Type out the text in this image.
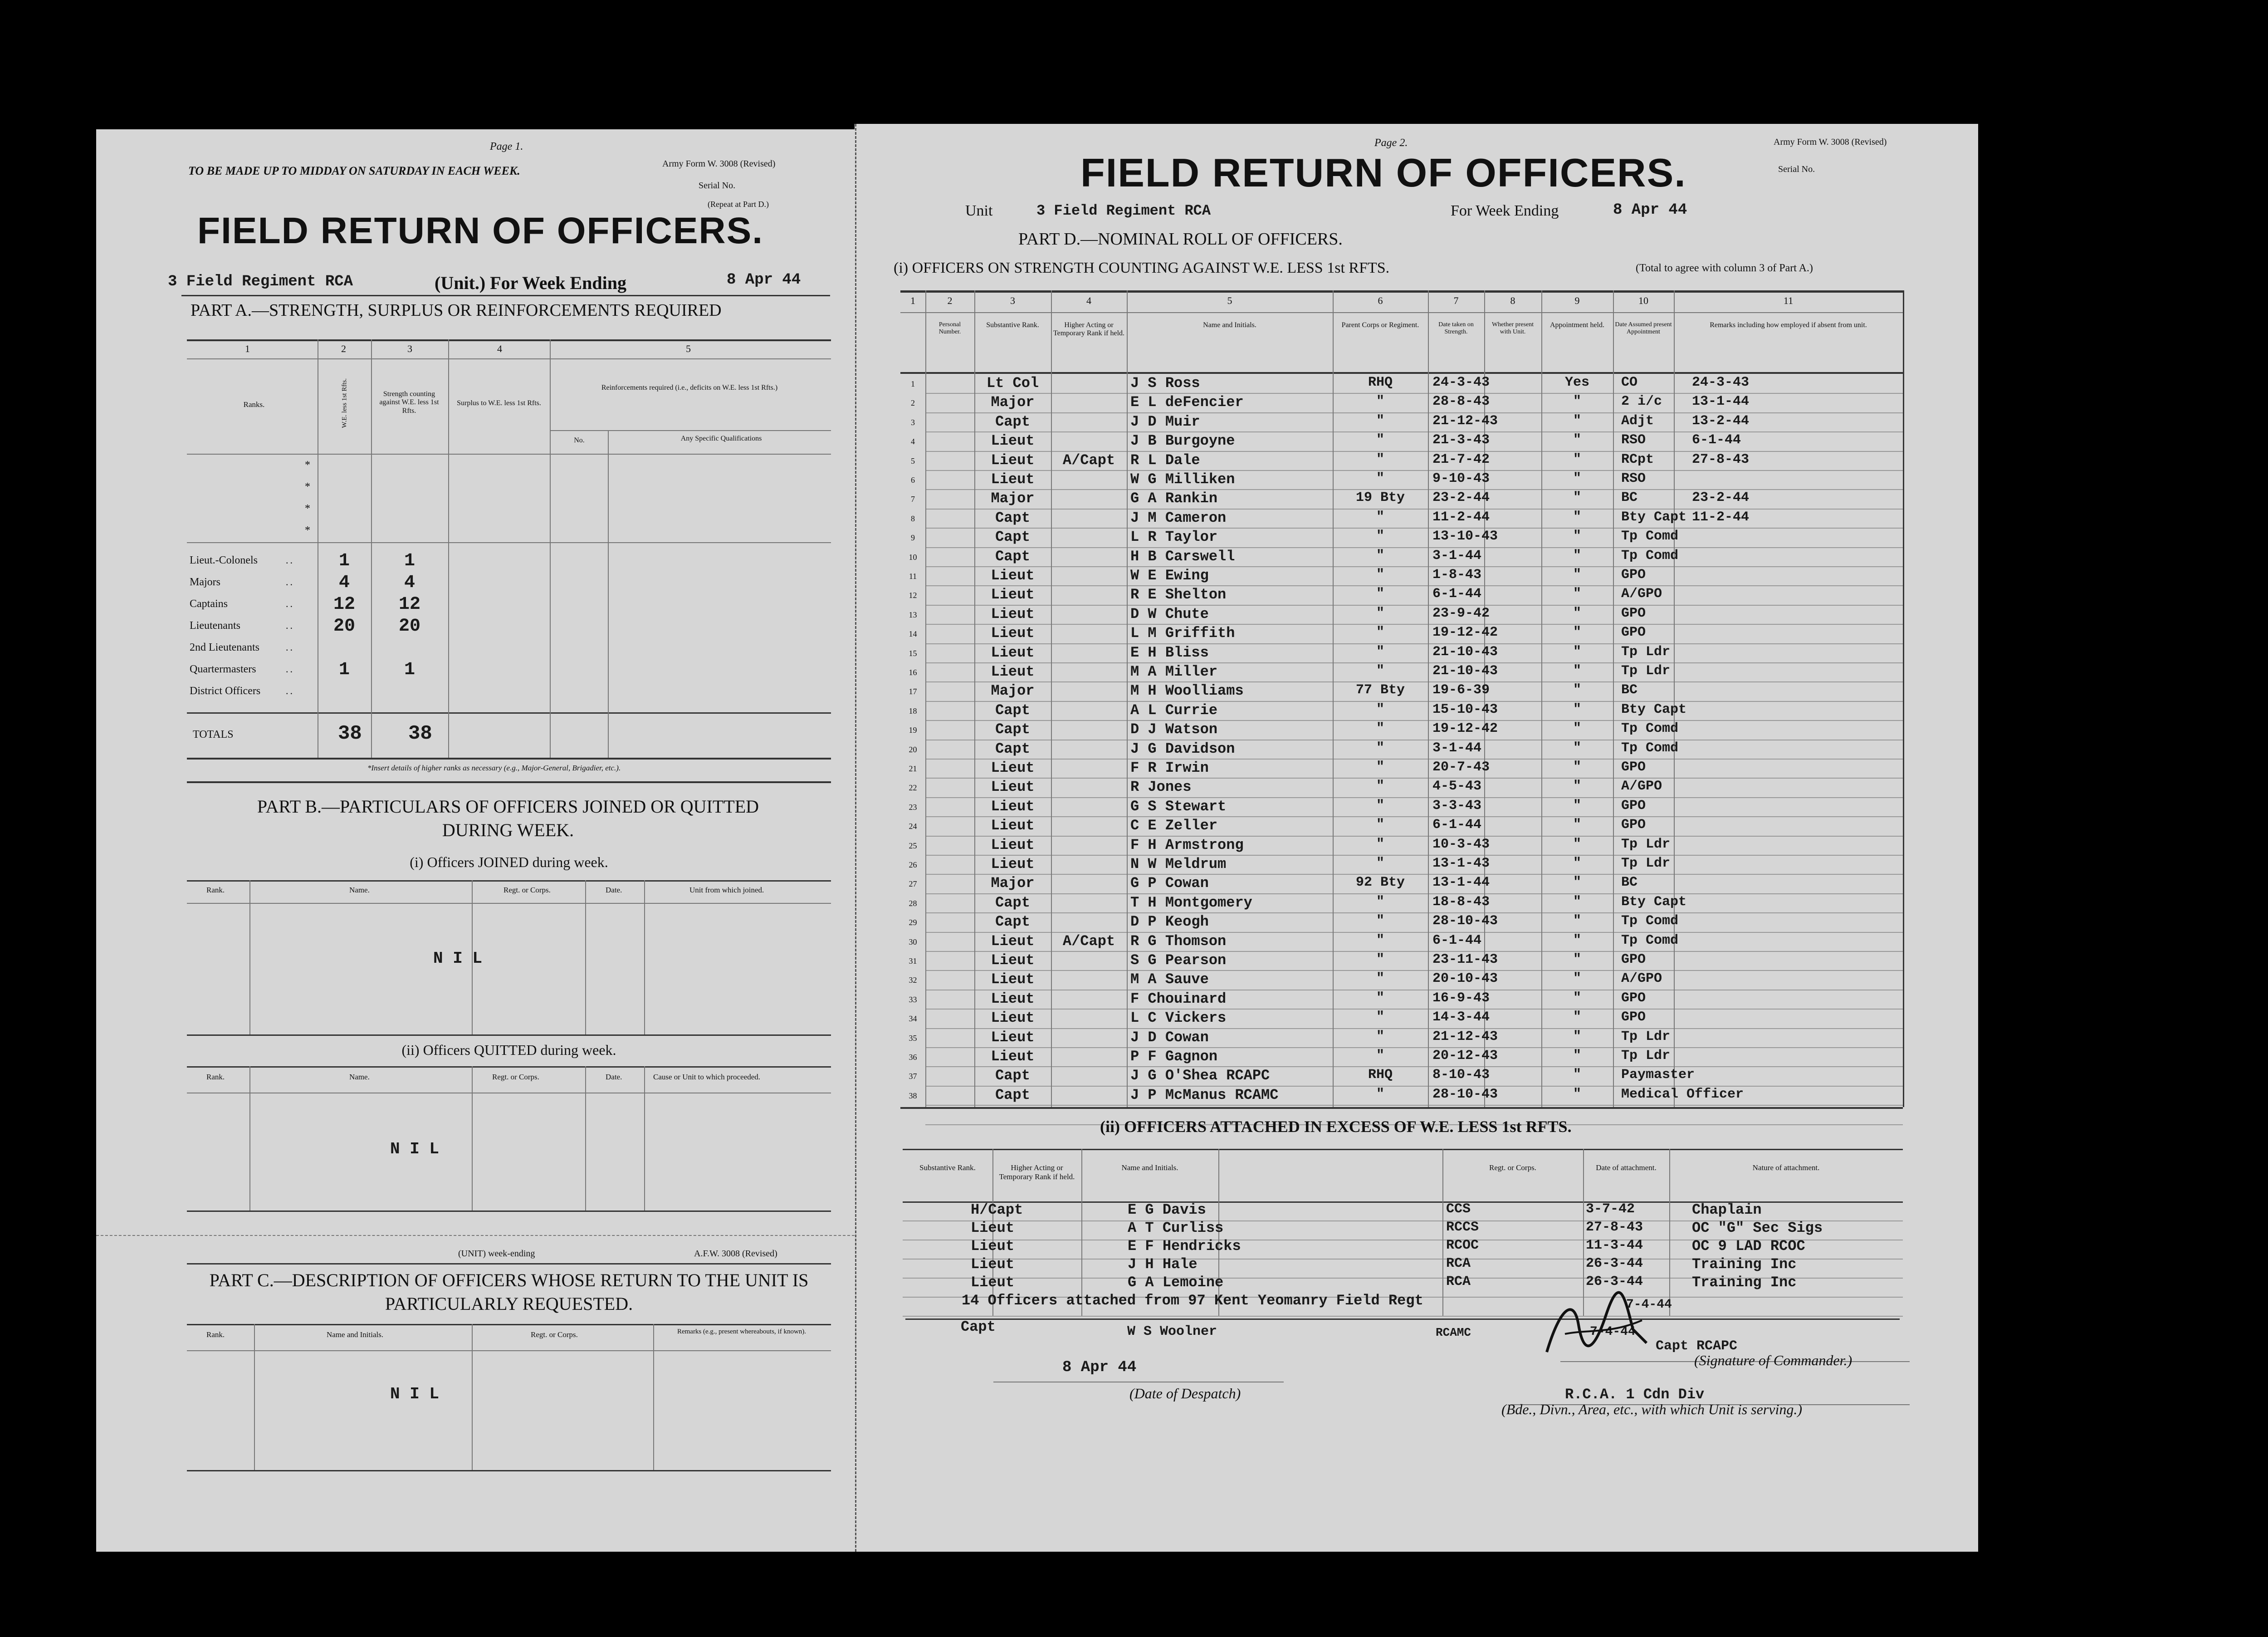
Page 1.
TO BE MADE UP TO MIDDAY ON SATURDAY IN EACH WEEK.
Army Form W. 3008 (Revised)
Serial No.
(Repeat at Part D.)
FIELD RETURN OF OFFICERS.
3 Field Regiment RCA	(Unit.) For Week Ending	8 Apr 44
PART A.—STRENGTH, SURPLUS OR REINFORCEMENTS REQUIRED
1	2	3	4	5
Ranks.	W.E. less 1st Rfts.	Strength counting against W.E. less 1st Rfts.
Surplus to W.E. less 1st Rfts.
Reinforcements required (i.e., deficits on W.E. less 1st Rfts.)
No.	Any Specific Qualifications
*
*
*
*
Lieut.-Colonels	..	1	1
Majors	..	4	4
Captains	..	12	12
Lieutenants	..	20	20
2nd Lieutenants	..
Quartermasters	..	1	1
District Officers	..
TOTALS	38 38
*Insert details of higher ranks as necessary (e.g., Major-General, Brigadier, etc.).
PART B.—PARTICULARS OF OFFICERS JOINED OR QUITTED DURING WEEK.
(i) Officers JOINED during week.
Rank.	Name.	Regt. or Corps.	Date.	Unit from which joined.
N I L
(ii) Officers QUITTED during week.
Rank.	Name.	Regt. or Corps.	Date.	Cause or Unit to which proceeded.
N I L
(UNIT) week-ending	A.F.W. 3008 (Revised)
PART C.—DESCRIPTION OF OFFICERS WHOSE RETURN TO THE UNIT IS PARTICULARLY REQUESTED.
Rank.	Name and Initials.	Regt. or Corps.	Remarks (e.g., present whereabouts, if known).
N I L
Page 2.	Army Form W. 3008 (Revised)
FIELD RETURN OF OFFICERS.	Serial No.
Unit	3 Field Regiment RCA	For Week Ending	8 Apr 44
PART D.—NOMINAL ROLL OF OFFICERS.
(i) OFFICERS ON STRENGTH COUNTING AGAINST W.E. LESS 1st RFTS.	(Total to agree with column 3 of Part A.)
1	2	3	4	5	6	7	8	9	10	11
Personal Number.
Substantive Rank.	Higher Acting or Temporary Rank if held.
Name and Initials.	Parent Corps or Regiment.	Date taken on Strength.
Whether present with Unit.
Appointment held.	Date Assumed present Appointment
Remarks including how employed if absent from unit.
1	Lt Col	J S Ross	RHQ	24-3-43	Yes	CO	24-3-43
2	Major	E L deFencier	"	28-8-43	"	2 i/c	13-1-44
3	Capt	J D Muir	"	21-12-43	"	Adjt	13-2-44
4	Lieut	J B Burgoyne	"	21-3-43	"	RSO	6-1-44
5	Lieut	A/Capt	R L Dale	"	21-7-42	"	RCpt	27-8-43
6	Lieut	W G Milliken	"	9-10-43	"	RSO
7	Major	G A Rankin	19 Bty	23-2-44	"	BC	23-2-44
8	Capt	J M Cameron	"	11-2-44	"	Bty Capt 11-2-44
9	Capt	L R Taylor	"	13-10-43	"	Tp Comd
10	Capt	H B Carswell	"	3-1-44	"	Tp Comd
11	Lieut	W E Ewing	"	1-8-43	"	GPO
12	Lieut	R E Shelton	"	6-1-44	"	A/GPO
13	Lieut	D W Chute	"	23-9-42	"	GPO
14	Lieut	L M Griffith	"	19-12-42	"	GPO
15	Lieut	E H Bliss	"	21-10-43	"	Tp Ldr
16	Lieut	M A Miller	"	21-10-43	"	Tp Ldr
17	Major	M H Woolliams	77 Bty	19-6-39	"	BC
18	Capt	A L Currie	"	15-10-43	"	Bty Capt
19	Capt	D J Watson	"	19-12-42	"	Tp Comd
20	Capt	J G Davidson	"	3-1-44	"	Tp Comd
21	Lieut	F R Irwin	"	20-7-43	"	GPO
22	Lieut	R Jones	"	4-5-43	"	A/GPO
23	Lieut	G S Stewart	"	3-3-43	"	GPO
24	Lieut	C E Zeller	"	6-1-44	"	GPO
25	Lieut	F H Armstrong	"	10-3-43	"	Tp Ldr
26	Lieut	N W Meldrum	"	13-1-43	"	Tp Ldr
27	Major	G P Cowan	92 Bty	13-1-44	"	BC
28	Capt	T H Montgomery	"	18-8-43	"	Bty Capt
29	Capt	D P Keogh	"	28-10-43	"	Tp Comd
30	Lieut	A/Capt	R G Thomson	"	6-1-44	"	Tp Comd
31	Lieut	S G Pearson	"	23-11-43	"	GPO
32	Lieut	M A Sauve	"	20-10-43	"	A/GPO
33	Lieut	F Chouinard	"	16-9-43	"	GPO
34	Lieut	L C Vickers	"	14-3-44	"	GPO
35	Lieut	J D Cowan	"	21-12-43	"	Tp Ldr
36	Lieut	P F Gagnon	"	20-12-43	"	Tp Ldr
37	Capt	J G O'Shea RCAPC	RHQ	8-10-43	"	Paymaster
38	Capt	J P McManus RCAMC	"	28-10-43	"	Medical Officer
(ii) OFFICERS ATTACHED IN EXCESS OF W.E. LESS 1st RFTS.
Substantive Rank.	Higher Acting or Temporary Rank if held.
Name and Initials.	Regt. or Corps.	Date of attachment.	Nature of attachment.
H/Capt	E G Davis	CCS	3-7-42	Chaplain
Lieut	A T Curliss	RCCS	27-8-43	OC "G" Sec Sigs
Lieut	E F Hendricks	RCOC	11-3-44	OC 9 LAD RCOC
Lieut	J H Hale	RCA	26-3-44	Training Inc
Lieut	G A Lemoine	RCA	26-3-44	Training Inc
14 Officers attached from 97 Kent Yeomanry Field Regt	7-4-44
Capt	W S Woolner	RCAMC	7-4-44
Capt RCAPC
(Signature of Commander.)
8 Apr 44
(Date of Despatch)	R.C.A. 1 Cdn Div
(Bde., Divn., Area, etc., with which Unit is serving.)
